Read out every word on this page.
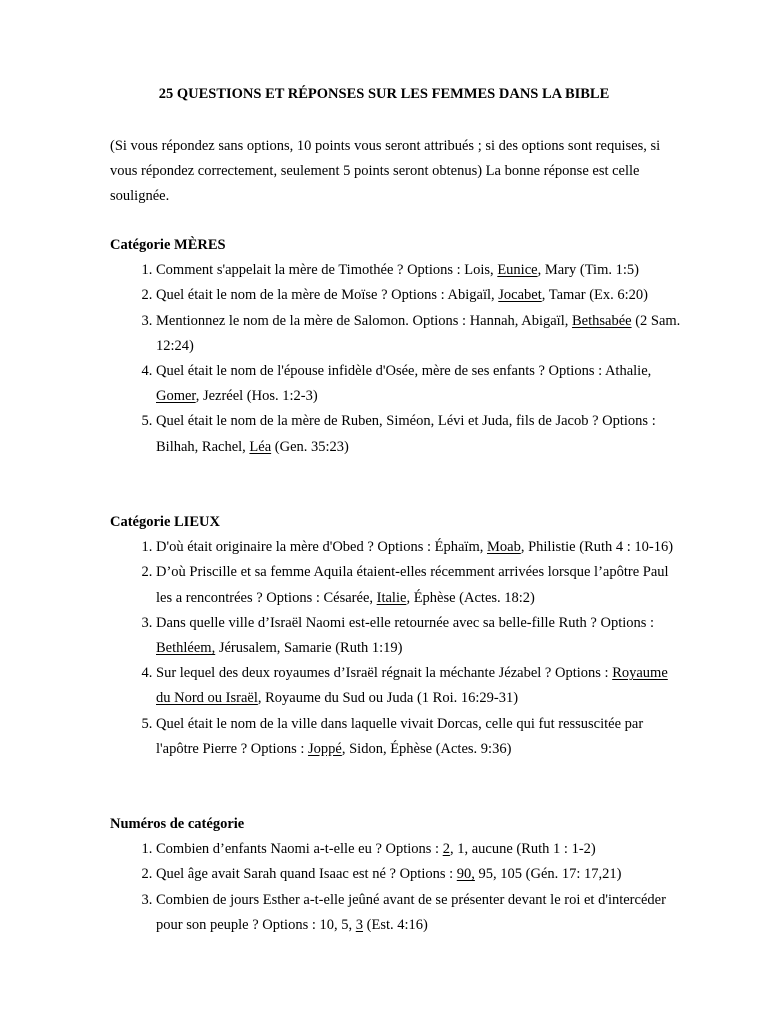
25 QUESTIONS ET RÉPONSES SUR LES FEMMES DANS LA BIBLE
(Si vous répondez sans options, 10 points vous seront attribués ; si des options sont requises, si vous répondez correctement, seulement 5 points seront obtenus) La bonne réponse est celle soulignée.
Catégorie MÈRES
1. Comment s'appelait la mère de Timothée ? Options : Lois, Eunice, Mary (Tim. 1:5)
2. Quel était le nom de la mère de Moïse ? Options : Abigaïl, Jocabet, Tamar (Ex. 6:20)
3. Mentionnez le nom de la mère de Salomon. Options : Hannah, Abigaïl, Bethsabée (2 Sam. 12:24)
4. Quel était le nom de l'épouse infidèle d'Osée, mère de ses enfants ? Options : Athalie, Gomer, Jezréel (Hos. 1:2-3)
5. Quel était le nom de la mère de Ruben, Siméon, Lévi et Juda, fils de Jacob ? Options : Bilhah, Rachel, Léa (Gen. 35:23)
Catégorie LIEUX
1. D'où était originaire la mère d'Obed ? Options : Éphaïm, Moab, Philistie (Ruth 4 : 10-16)
2. D’où Priscille et sa femme Aquila étaient-elles récemment arrivées lorsque l’apôtre Paul les a rencontrées ? Options : Césarée, Italie, Éphèse (Actes. 18:2)
3. Dans quelle ville d’Israël Naomi est-elle retournée avec sa belle-fille Ruth ? Options : Bethléem, Jérusalem, Samarie (Ruth 1:19)
4. Sur lequel des deux royaumes d’Israël régnait la méchante Jézabel ? Options : Royaume du Nord ou Israël, Royaume du Sud ou Juda (1 Roi. 16:29-31)
5. Quel était le nom de la ville dans laquelle vivait Dorcas, celle qui fut ressuscitée par l'apôtre Pierre ? Options : Joppé, Sidon, Éphèse (Actes. 9:36)
Numéros de catégorie
1. Combien d’enfants Naomi a-t-elle eu ? Options : 2, 1, aucune (Ruth 1 : 1-2)
2. Quel âge avait Sarah quand Isaac est né ? Options : 90, 95, 105 (Gén. 17: 17,21)
3. Combien de jours Esther a-t-elle jeûné avant de se présenter devant le roi et d'intercéder pour son peuple ? Options : 10, 5, 3 (Est. 4:16)
